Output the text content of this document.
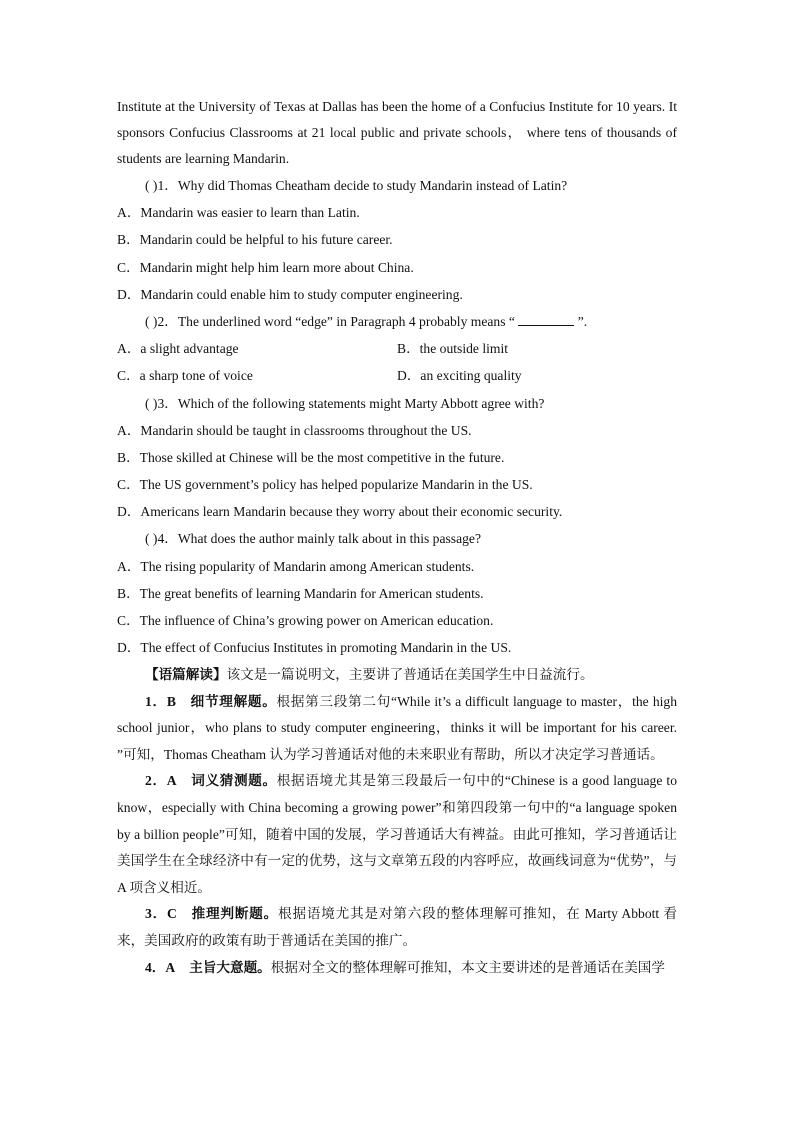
Institute at the University of Texas at Dallas has been the home of a Confucius Institute for 10 years. It sponsors Confucius Classrooms at 21 local public and private schools， where tens of thousands of students are learning Mandarin.

( )1．Why did Thomas Cheatham decide to study Mandarin instead of Latin?
A．Mandarin was easier to learn than Latin.
B．Mandarin could be helpful to his future career.
C．Mandarin might help him learn more about China.
D．Mandarin could enable him to study computer engineering.
( )2．The underlined word “edge” in Paragraph 4 probably means “	”.
A．a slight advantage	B．the outside limit
C．a sharp tone of voice	D．an exciting quality
( )3．Which of the following statements might Marty Abbott agree with?
A．Mandarin should be taught in classrooms throughout the US.
B．Those skilled at Chinese will be the most competitive in the future.
C．The US government’s policy has helped popularize Mandarin in the US.
D．Americans learn Mandarin because they worry about their economic security.
( )4．What does the author mainly talk about in this passage?
A．The rising popularity of Mandarin among American students.
B．The great benefits of learning Mandarin for American students.
C．The influence of China’s growing power on American education.
D．The effect of Confucius Institutes in promoting Mandarin in the US.
【语篇解读】该文是一篇说明文，主要讲了普通话在美国学生中日益流行。

1．B 细节理解题。根据第三段第二句“While it’s a difficult language to master，the high school junior，who plans to study computer engineering，thinks it will be important for his career. ”可知，Thomas Cheatham 认为学习普通话对他的未来职业有帮助，所以才决定学习普通话。

2．A 词义猜测题。根据语境尤其是第三段最后一句中的“Chinese is a good language to know，especially with China becoming a growing power”和第四段第一句中的“a language spoken by a billion people”可知，随着中国的发展，学习普通话大有裨益。由此可推知，学习普通话让美国学生在全球经济中有一定的优势，这与文章第五段的内容呼应，故画线词意为“优势”，与 A 项含义相近。

3．C 推理判断题。根据语境尤其是对第六段的整体理解可推知，在 Marty Abbott 看来，美国政府的政策有助于普通话在美国的推广。

4．A 主旨大意题。根据对全文的整体理解可推知，本文主要讲述的是普通话在美国学
